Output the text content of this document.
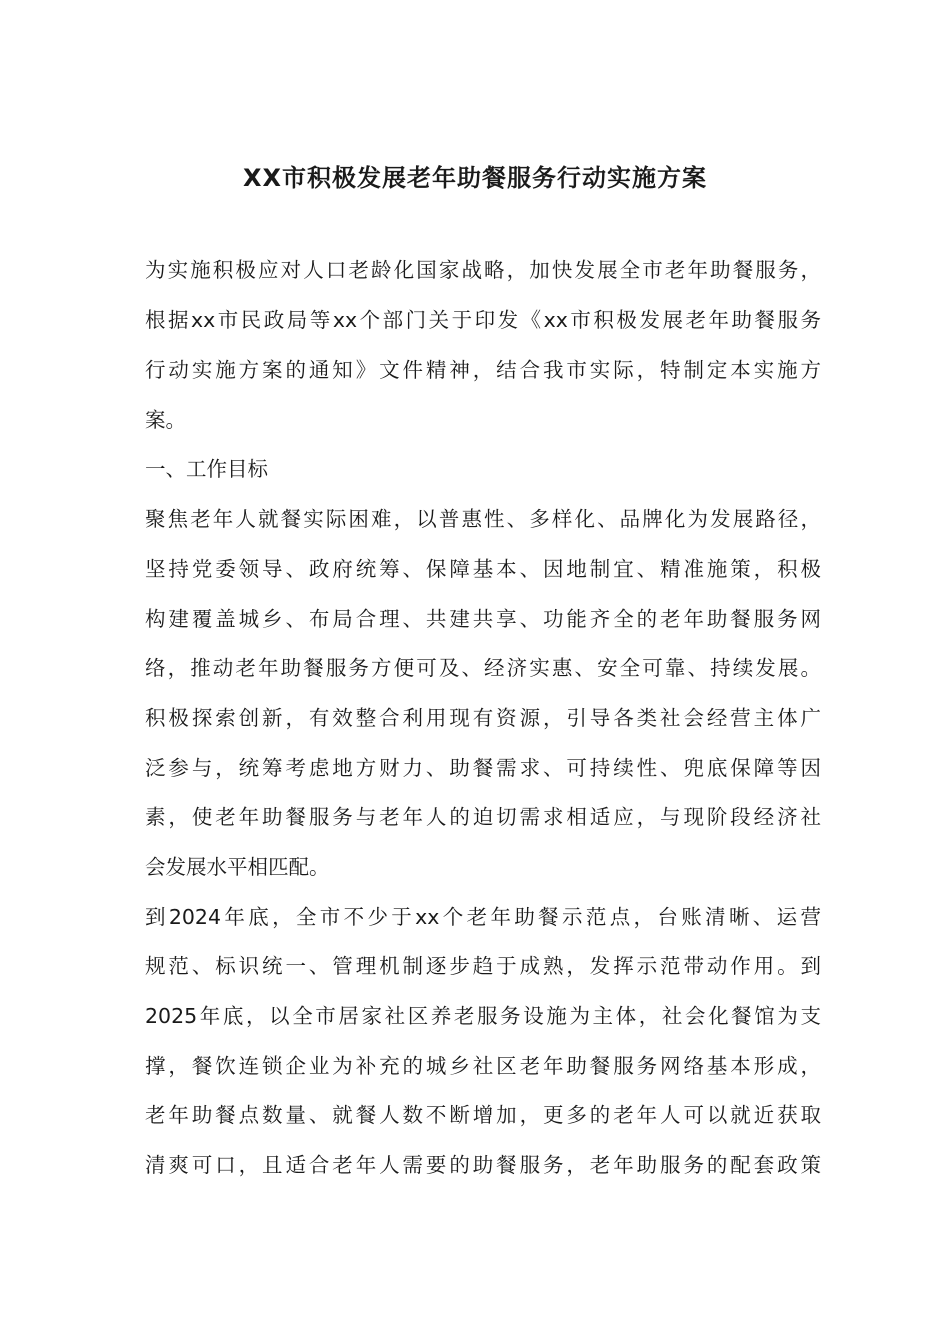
XX市积极发展老年助餐服务行动实施方案

为实施积极应对人口老龄化国家战略，加快发展全市老年助餐服务，

根据xx市民政局等xx个部门关于印发《xx市积极发展老年助餐服务

行动实施方案的通知》文件精神，结合我市实际，特制定本实施方

案。

一、工作目标

聚焦老年人就餐实际困难，以普惠性、多样化、品牌化为发展路径，

坚持党委领导、政府统筹、保障基本、因地制宜、精准施策，积极

构建覆盖城乡、布局合理、共建共享、功能齐全的老年助餐服务网

络，推动老年助餐服务方便可及、经济实惠、安全可靠、持续发展。

积极探索创新，有效整合利用现有资源，引导各类社会经营主体广

泛参与，统筹考虑地方财力、助餐需求、可持续性、兜底保障等因

素，使老年助餐服务与老年人的迫切需求相适应，与现阶段经济社

会发展水平相匹配。

到2024年底，全市不少于xx个老年助餐示范点，台账清晰、运营

规范、标识统一、管理机制逐步趋于成熟，发挥示范带动作用。到

2025年底，以全市居家社区养老服务设施为主体，社会化餐馆为支

撑，餐饮连锁企业为补充的城乡社区老年助餐服务网络基本形成，

老年助餐点数量、就餐人数不断增加，更多的老年人可以就近获取

清爽可口，且适合老年人需要的助餐服务，老年助服务的配套政策
